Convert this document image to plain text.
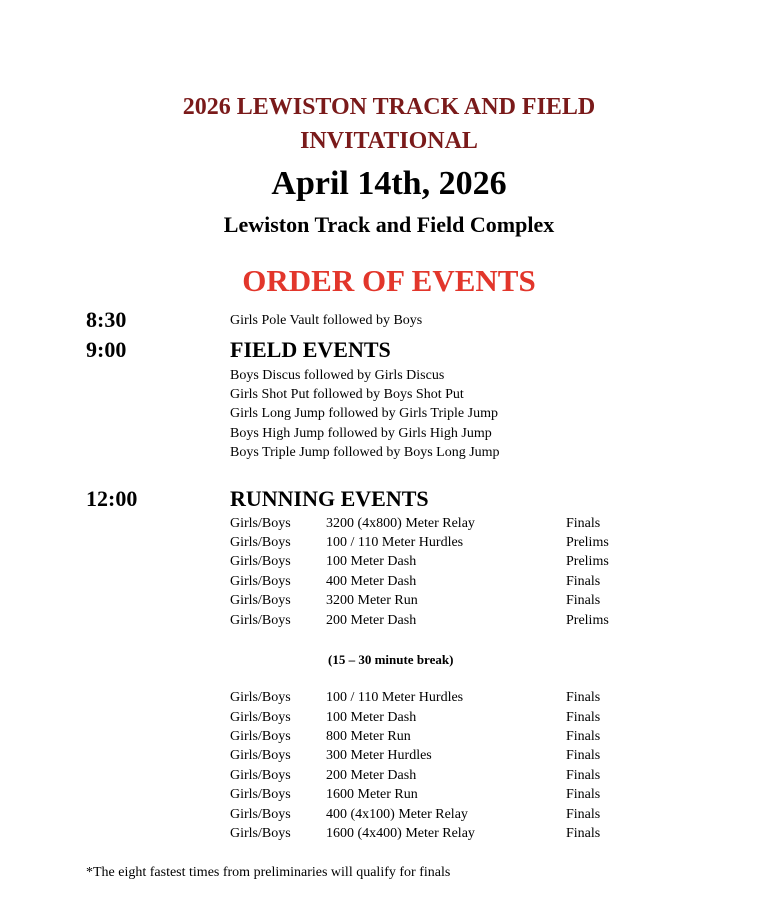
2026 LEWISTON TRACK AND FIELD
INVITATIONAL
April 14th, 2026
Lewiston Track and Field Complex
ORDER OF EVENTS
8:30	Girls Pole Vault followed by Boys
9:00	FIELD EVENTS
Boys Discus followed by Girls Discus
Girls Shot Put followed by Boys Shot Put
Girls Long Jump followed by Girls Triple Jump
Boys High Jump followed by Girls High Jump
Boys Triple Jump followed by Boys Long Jump
12:00	RUNNING EVENTS
Girls/Boys	3200 (4x800) Meter Relay	Finals
Girls/Boys	100 / 110 Meter Hurdles	Prelims
Girls/Boys	100 Meter Dash	Prelims
Girls/Boys	400 Meter Dash	Finals
Girls/Boys	3200 Meter Run	Finals
Girls/Boys	200 Meter Dash	Prelims
(15 – 30 minute break)
Girls/Boys	100 / 110 Meter Hurdles	Finals
Girls/Boys	100 Meter Dash	Finals
Girls/Boys	800 Meter Run	Finals
Girls/Boys	300 Meter Hurdles	Finals
Girls/Boys	200 Meter Dash	Finals
Girls/Boys	1600 Meter Run	Finals
Girls/Boys	400 (4x100) Meter Relay	Finals
Girls/Boys	1600 (4x400) Meter Relay	Finals
*The eight fastest times from preliminaries will qualify for finals
